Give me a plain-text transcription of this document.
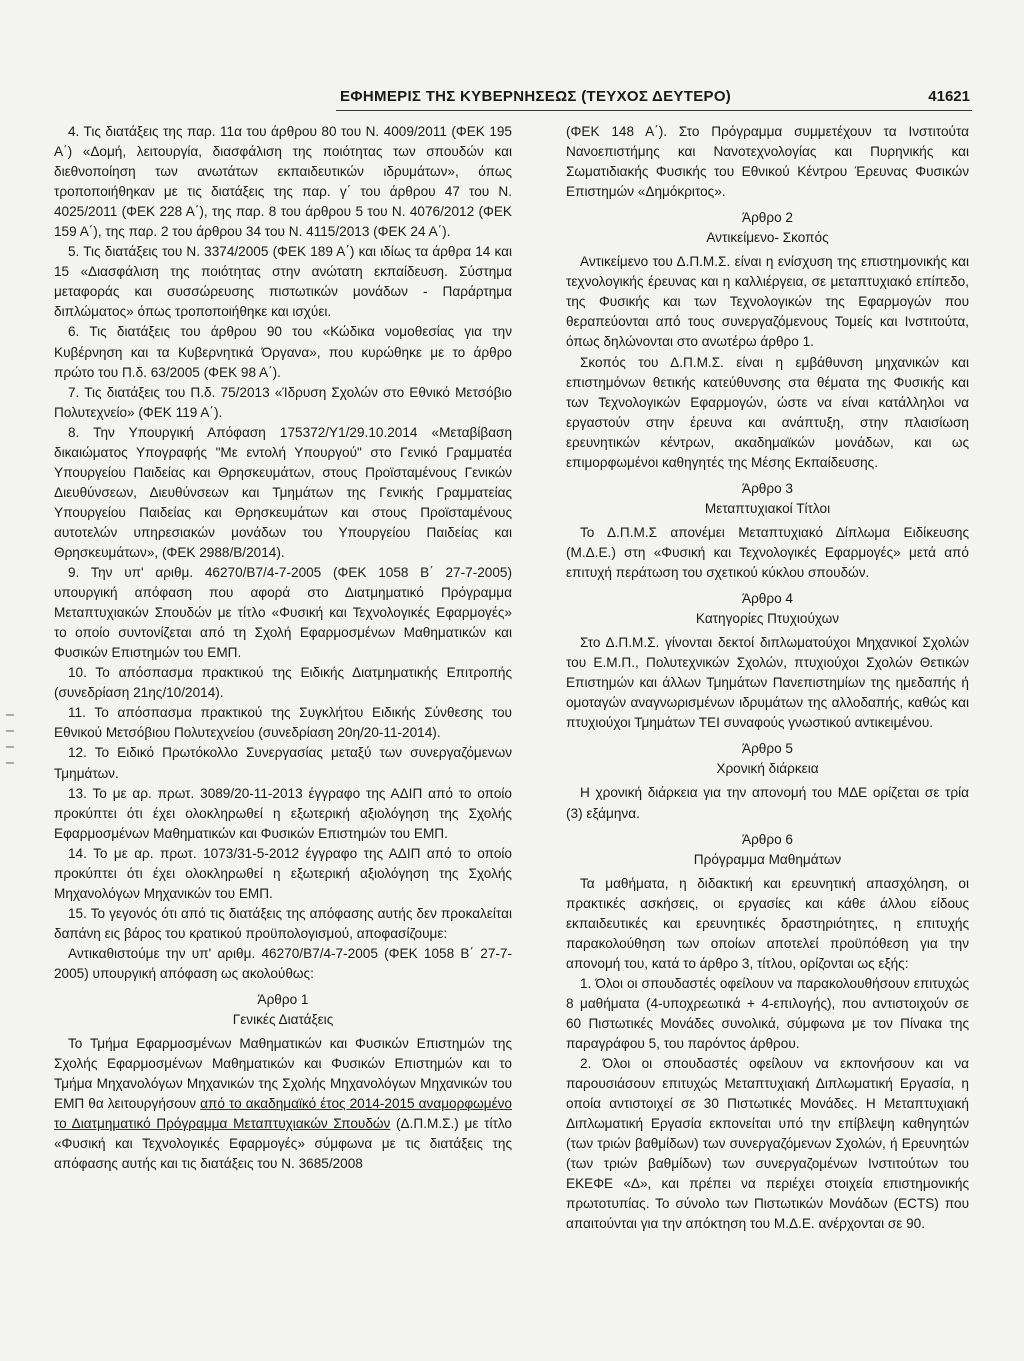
ΕΦΗΜΕΡΙΣ ΤΗΣ ΚΥΒΕΡΝΗΣΕΩΣ (ΤΕΥΧΟΣ ΔΕΥΤΕΡΟ)	41621

4. Τις διατάξεις της παρ. 11α του άρθρου 80 του Ν. 4009/2011 (ΦΕΚ 195 Α΄) «Δομή, λειτουργία, διασφάλιση της ποιότητας των σπουδών και διεθνοποίηση των ανωτάτων εκπαιδευτικών ιδρυμάτων», όπως τροποποιήθηκαν με τις διατάξεις της παρ. γ΄ του άρθρου 47 του Ν. 4025/2011 (ΦΕΚ 228 Α΄), της παρ. 8 του άρθρου 5 του Ν. 4076/2012 (ΦΕΚ 159 Α΄), της παρ. 2 του άρθρου 34 του Ν. 4115/2013 (ΦΕΚ 24 Α΄).

5. Τις διατάξεις του Ν. 3374/2005 (ΦΕΚ 189 Α΄) και ιδίως τα άρθρα 14 και 15 «Διασφάλιση της ποιότητας στην ανώτατη εκπαίδευση. Σύστημα μεταφοράς και συσσώρευσης πιστωτικών μονάδων - Παράρτημα διπλώματος» όπως τροποποιήθηκε και ισχύει.

6. Τις διατάξεις του άρθρου 90 του «Κώδικα νομοθεσίας για την Κυβέρνηση και τα Κυβερνητικά Όργανα», που κυρώθηκε με το άρθρο πρώτο του Π.δ. 63/2005 (ΦΕΚ 98 Α΄).

7. Τις διατάξεις του Π.δ. 75/2013 «Ίδρυση Σχολών στο Εθνικό Μετσόβιο Πολυτεχνείο» (ΦΕΚ 119 Α΄).

8. Την Υπουργική Απόφαση 175372/Υ1/29.10.2014 «Μεταβίβαση δικαιώματος Υπογραφής "Με εντολή Υπουργού" στο Γενικό Γραμματέα Υπουργείου Παιδείας και Θρησκευμάτων, στους Προϊσταμένους Γενικών Διευθύνσεων, Διευθύνσεων και Τμημάτων της Γενικής Γραμματείας Υπουργείου Παιδείας και Θρησκευμάτων και στους Προϊσταμένους αυτοτελών υπηρεσιακών μονάδων του Υπουργείου Παιδείας και Θρησκευμάτων», (ΦΕΚ 2988/Β/2014).

9. Την υπ' αριθμ. 46270/Β7/4-7-2005 (ΦΕΚ 1058 Β΄ 27-7-2005) υπουργική απόφαση που αφορά στο Διατμηματικό Πρόγραμμα Μεταπτυχιακών Σπουδών με τίτλο «Φυσική και Τεχνολογικές Εφαρμογές» το οποίο συντονίζεται από τη Σχολή Εφαρμοσμένων Μαθηματικών και Φυσικών Επιστημών του ΕΜΠ.

10. Το απόσπασμα πρακτικού της Ειδικής Διατμηματικής Επιτροπής (συνεδρίαση 21ης/10/2014).

11. Το απόσπασμα πρακτικού της Συγκλήτου Ειδικής Σύνθεσης του Εθνικού Μετσόβιου Πολυτεχνείου (συνεδρίαση 20η/20-11-2014).

12. Το Ειδικό Πρωτόκολλο Συνεργασίας μεταξύ των συνεργαζόμενων Τμημάτων.

13. Το με αρ. πρωτ. 3089/20-11-2013 έγγραφο της ΑΔΙΠ από το οποίο προκύπτει ότι έχει ολοκληρωθεί η εξωτερική αξιολόγηση της Σχολής Εφαρμοσμένων Μαθηματικών και Φυσικών Επιστημών του ΕΜΠ.

14. Το με αρ. πρωτ. 1073/31-5-2012 έγγραφο της ΑΔΙΠ από το οποίο προκύπτει ότι έχει ολοκληρωθεί η εξωτερική αξιολόγηση της Σχολής Μηχανολόγων Μηχανικών του ΕΜΠ.

15. Το γεγονός ότι από τις διατάξεις της απόφασης αυτής δεν προκαλείται δαπάνη εις βάρος του κρατικού προϋπολογισμού, αποφασίζουμε:

Αντικαθιστούμε την υπ' αριθμ. 46270/Β7/4-7-2005 (ΦΕΚ 1058 Β΄ 27-7-2005) υπουργική απόφαση ως ακολούθως:

Άρθρο 1

Γενικές Διατάξεις

Το Τμήμα Εφαρμοσμένων Μαθηματικών και Φυσικών Επιστημών της Σχολής Εφαρμοσμένων Μαθηματικών και Φυσικών Επιστημών και το Τμήμα Μηχανολόγων Μηχανικών της Σχολής Μηχανολόγων Μηχανικών του ΕΜΠ θα λειτουργήσουν από το ακαδημαϊκό έτος 2014-2015 αναμορφωμένο το Διατμηματικό Πρόγραμμα Μεταπτυχιακών Σπουδών (Δ.Π.Μ.Σ.) με τίτλο «Φυσική και Τεχνολογικές Εφαρμογές» σύμφωνα με τις διατάξεις της απόφασης αυτής και τις διατάξεις του Ν. 3685/2008

(ΦΕΚ 148 Α΄). Στο Πρόγραμμα συμμετέχουν τα Ινστιτούτα Νανοεπιστήμης και Νανοτεχνολογίας και Πυρηνικής και Σωματιδιακής Φυσικής του Εθνικού Κέντρου Έρευνας Φυσικών Επιστημών «Δημόκριτος».

Άρθρο 2

Αντικείμενο- Σκοπός

Αντικείμενο του Δ.Π.Μ.Σ. είναι η ενίσχυση της επιστημονικής και τεχνολογικής έρευνας και η καλλιέργεια, σε μεταπτυχιακό επίπεδο, της Φυσικής και των Τεχνολογικών της Εφαρμογών που θεραπεύονται από τους συνεργαζόμενους Τομείς και Ινστιτούτα, όπως δηλώνονται στο ανωτέρω άρθρο 1.

Σκοπός του Δ.Π.Μ.Σ. είναι η εμβάθυνση μηχανικών και επιστημόνων θετικής κατεύθυνσης στα θέματα της Φυσικής και των Τεχνολογικών Εφαρμογών, ώστε να είναι κατάλληλοι να εργαστούν στην έρευνα και ανάπτυξη, στην πλαισίωση ερευνητικών κέντρων, ακαδημαϊκών μονάδων, και ως επιμορφωμένοι καθηγητές της Μέσης Εκπαίδευσης.

Άρθρο 3

Μεταπτυχιακοί Τίτλοι

Το Δ.Π.Μ.Σ απονέμει Μεταπτυχιακό Δίπλωμα Ειδίκευσης (Μ.Δ.Ε.) στη «Φυσική και Τεχνολογικές Εφαρμογές» μετά από επιτυχή περάτωση του σχετικού κύκλου σπουδών.

Άρθρο 4

Κατηγορίες Πτυχιούχων

Στο Δ.Π.Μ.Σ. γίνονται δεκτοί διπλωματούχοι Μηχανικοί Σχολών του Ε.Μ.Π., Πολυτεχνικών Σχολών, πτυχιούχοι Σχολών Θετικών Επιστημών και άλλων Τμημάτων Πανεπιστημίων της ημεδαπής ή ομοταγών αναγνωρισμένων ιδρυμάτων της αλλοδαπής, καθώς και πτυχιούχοι Τμημάτων ΤΕΙ συναφούς γνωστικού αντικειμένου.

Άρθρο 5

Χρονική διάρκεια

Η χρονική διάρκεια για την απονομή του ΜΔΕ ορίζεται σε τρία (3) εξάμηνα.

Άρθρο 6

Πρόγραμμα Μαθημάτων

Τα μαθήματα, η διδακτική και ερευνητική απασχόληση, οι πρακτικές ασκήσεις, οι εργασίες και κάθε άλλου είδους εκπαιδευτικές και ερευνητικές δραστηριότητες, η επιτυχής παρακολούθηση των οποίων αποτελεί προϋπόθεση για την απονομή του, κατά το άρθρο 3, τίτλου, ορίζονται ως εξής:

1. Όλοι οι σπουδαστές οφείλουν να παρακολουθήσουν επιτυχώς 8 μαθήματα (4-υποχρεωτικά + 4-επιλογής), που αντιστοιχούν σε 60 Πιστωτικές Μονάδες συνολικά, σύμφωνα με τον Πίνακα της παραγράφου 5, του παρόντος άρθρου.

2. Όλοι οι σπουδαστές οφείλουν να εκπονήσουν και να παρουσιάσουν επιτυχώς Μεταπτυχιακή Διπλωματική Εργασία, η οποία αντιστοιχεί σε 30 Πιστωτικές Μονάδες. Η Μεταπτυχιακή Διπλωματική Εργασία εκπονείται υπό την επίβλεψη καθηγητών (των τριών βαθμίδων) των συνεργαζόμενων Σχολών, ή Ερευνητών (των τριών βαθμίδων) των συνεργαζομένων Ινστιτούτων του ΕΚΕΦΕ «Δ», και πρέπει να περιέχει στοιχεία επιστημονικής πρωτοτυπίας. Το σύνολο των Πιστωτικών Μονάδων (ECTS) που απαιτούνται για την απόκτηση του Μ.Δ.Ε. ανέρχονται σε 90.
